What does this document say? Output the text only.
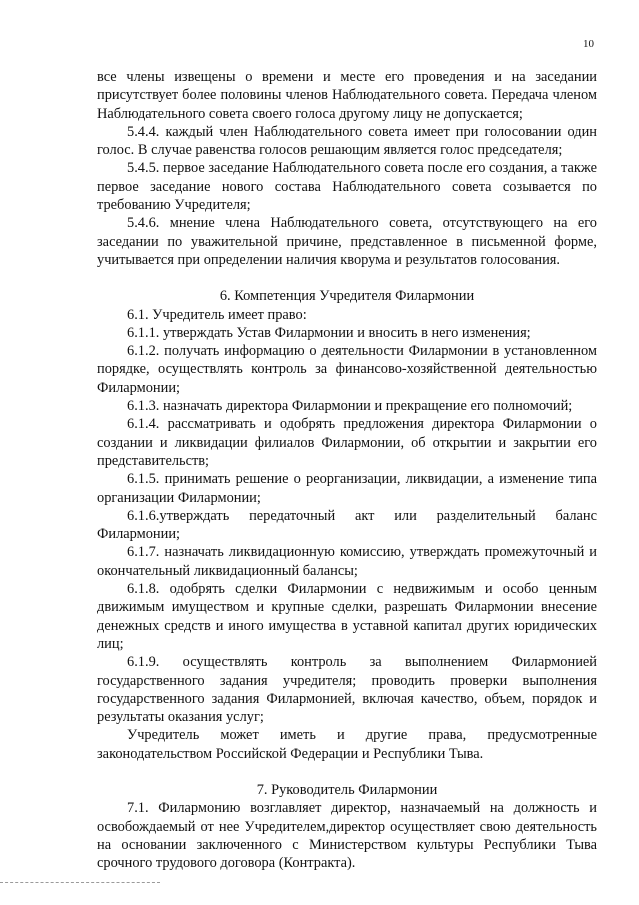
10

все члены извещены о времени и месте его проведения и на заседании присутствует более половины членов Наблюдательного совета. Передача членом Наблюдательного совета своего голоса другому лицу не допускается;

5.4.4. каждый член Наблюдательного совета имеет при голосовании один голос. В случае равенства голосов решающим является голос председателя;

5.4.5. первое заседание Наблюдательного совета после его создания, а также первое заседание нового состава Наблюдательного совета созывается по требованию Учредителя;

5.4.6. мнение члена Наблюдательного совета, отсутствующего на его заседании по уважительной причине, представленное в письменной форме, учитывается при определении наличия кворума и результатов голосования.

6. Компетенция Учредителя Филармонии

6.1. Учредитель имеет право:

6.1.1. утверждать Устав Филармонии и вносить в него изменения;

6.1.2. получать информацию о деятельности Филармонии в установленном порядке, осуществлять контроль за финансово-хозяйственной деятельностью Филармонии;

6.1.3. назначать директора Филармонии и прекращение его полномочий;

6.1.4. рассматривать и одобрять предложения директора Филармонии о создании и ликвидации филиалов Филармонии, об открытии и закрытии его представительств;

6.1.5. принимать решение о реорганизации, ликвидации, а изменение типа организации Филармонии;

6.1.6.утверждать передаточный акт или разделительный баланс Филармонии;

6.1.7. назначать ликвидационную комиссию, утверждать промежуточный и окончательный ликвидационный балансы;

6.1.8. одобрять сделки Филармонии с недвижимым и особо ценным движимым имуществом и крупные сделки, разрешать Филармонии внесение денежных средств и иного имущества в уставной капитал других юридических лиц;

6.1.9. осуществлять контроль за выполнением Филармонией государственного задания учредителя; проводить проверки выполнения государственного задания Филармонией, включая качество, объем, порядок и результаты оказания услуг;

Учредитель может иметь и другие права, предусмотренные законодательством Российской Федерации и Республики Тыва.

7. Руководитель Филармонии

7.1. Филармонию возглавляет директор, назначаемый на должность и освобождаемый от нее Учредителем,директор осуществляет свою деятельность на основании заключенного с Министерством культуры Республики Тыва срочного трудового договора (Контракта).
